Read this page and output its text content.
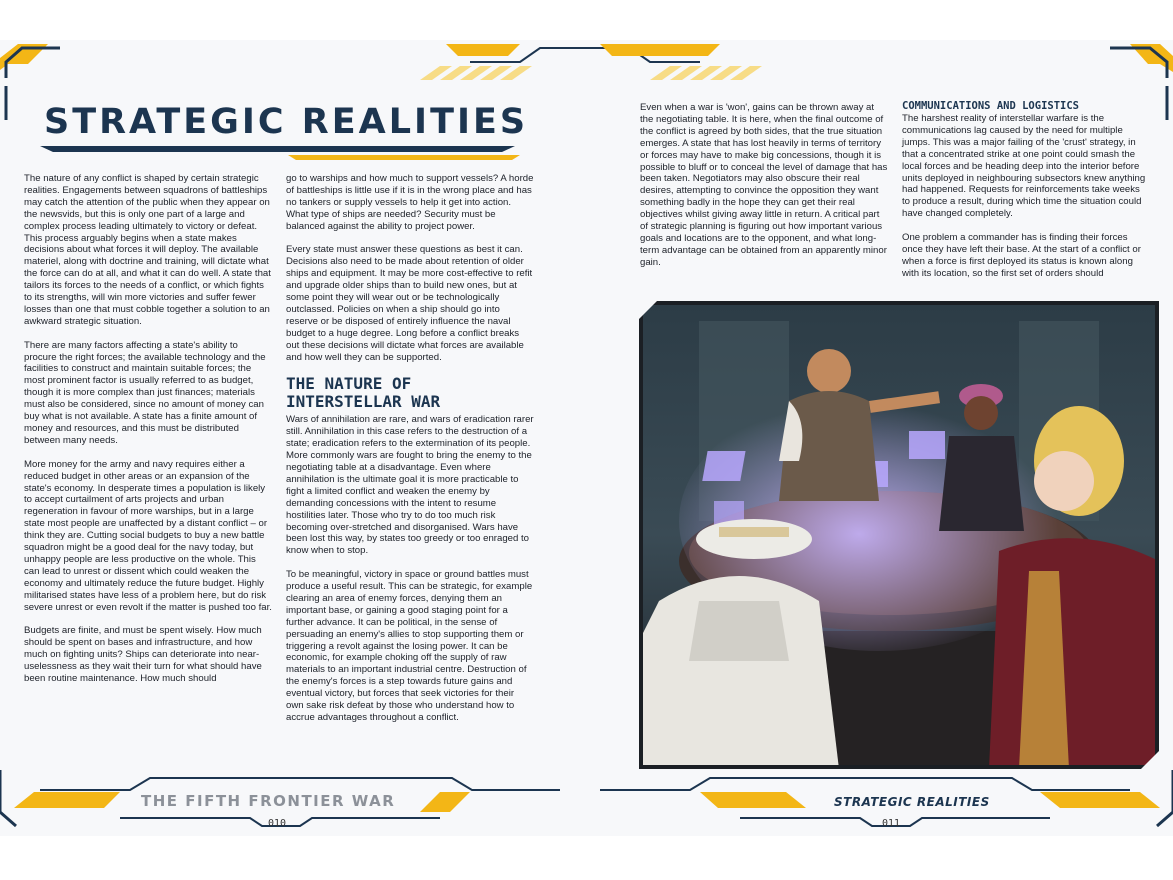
STRATEGIC REALITIES

The nature of any conflict is shaped by certain strategic realities. Engagements between squadrons of battleships may catch the attention of the public when they appear on the newsvids, but this is only one part of a large and complex process leading ultimately to victory or defeat. This process arguably begins when a state makes decisions about what forces it will deploy. The available materiel, along with doctrine and training, will dictate what the force can do at all, and what it can do well. A state that tailors its forces to the needs of a conflict, or which fights to its strengths, will win more victories and suffer fewer losses than one that must cobble together a solution to an awkward strategic situation.

There are many factors affecting a state's ability to procure the right forces; the available technology and the facilities to construct and maintain suitable forces; the most prominent factor is usually referred to as budget, though it is more complex than just finances; materials must also be considered, since no amount of money can buy what is not available. A state has a finite amount of money and resources, and this must be distributed between many needs.

More money for the army and navy requires either a reduced budget in other areas or an expansion of the state's economy. In desperate times a population is likely to accept curtailment of arts projects and urban regeneration in favour of more warships, but in a large state most people are unaffected by a distant conflict – or think they are. Cutting social budgets to buy a new battle squadron might be a good deal for the navy today, but unhappy people are less productive on the whole. This can lead to unrest or dissent which could weaken the economy and ultimately reduce the future budget. Highly militarised states have less of a problem here, but do risk severe unrest or even revolt if the matter is pushed too far.

Budgets are finite, and must be spent wisely. How much should be spent on bases and infrastructure, and how much on fighting units? Ships can deteriorate into near-uselessness as they wait their turn for what should have been routine maintenance. How much should

go to warships and how much to support vessels? A horde of battleships is little use if it is in the wrong place and has no tankers or supply vessels to help it get into action. What type of ships are needed? Security must be balanced against the ability to project power.

Every state must answer these questions as best it can. Decisions also need to be made about retention of older ships and equipment. It may be more cost-effective to refit and upgrade older ships than to build new ones, but at some point they will wear out or be technologically outclassed. Policies on when a ship should go into reserve or be disposed of entirely influence the naval budget to a huge degree. Long before a conflict breaks out these decisions will dictate what forces are available and how well they can be supported.

THE NATURE OF
INTERSTELLAR WAR

Wars of annihilation are rare, and wars of eradication rarer still. Annihilation in this case refers to the destruction of a state; eradication refers to the extermination of its people. More commonly wars are fought to bring the enemy to the negotiating table at a disadvantage. Even where annihilation is the ultimate goal it is more practicable to fight a limited conflict and weaken the enemy by demanding concessions with the intent to resume hostilities later. Those who try to do too much risk becoming over-stretched and disorganised. Wars have been lost this way, by states too greedy or too enraged to know when to stop.

To be meaningful, victory in space or ground battles must produce a useful result. This can be strategic, for example clearing an area of enemy forces, denying them an important base, or gaining a good staging point for a further advance. It can be political, in the sense of persuading an enemy's allies to stop supporting them or triggering a revolt against the losing power. It can be economic, for example choking off the supply of raw materials to an important industrial centre. Destruction of the enemy's forces is a step towards future gains and eventual victory, but forces that seek victories for their own sake risk defeat by those who understand how to accrue advantages throughout a conflict.

Even when a war is 'won', gains can be thrown away at the negotiating table. It is here, when the final outcome of the conflict is agreed by both sides, that the true situation emerges. A state that has lost heavily in terms of territory or forces may have to make big concessions, though it is possible to bluff or to conceal the level of damage that has been taken. Negotiators may also obscure their real desires, attempting to convince the opposition they want something badly in the hope they can get their real objectives whilst giving away little in return. A critical part of strategic planning is figuring out how important various goals and locations are to the opponent, and what long-term advantage can be obtained from an apparently minor gain.

COMMUNICATIONS AND LOGISTICS

The harshest reality of interstellar warfare is the communications lag caused by the need for multiple jumps. This was a major failing of the 'crust' strategy, in that a concentrated strike at one point could smash the local forces and be heading deep into the interior before units deployed in neighbouring subsectors knew anything had happened. Requests for reinforcements take weeks to produce a result, during which time the situation could have changed completely.

One problem a commander has is finding their forces once they have left their base. At the start of a conflict or when a force is first deployed its status is known along with its location, so the first set of orders should

THE FIFTH FRONTIER WAR
010
STRATEGIC REALITIES
011
